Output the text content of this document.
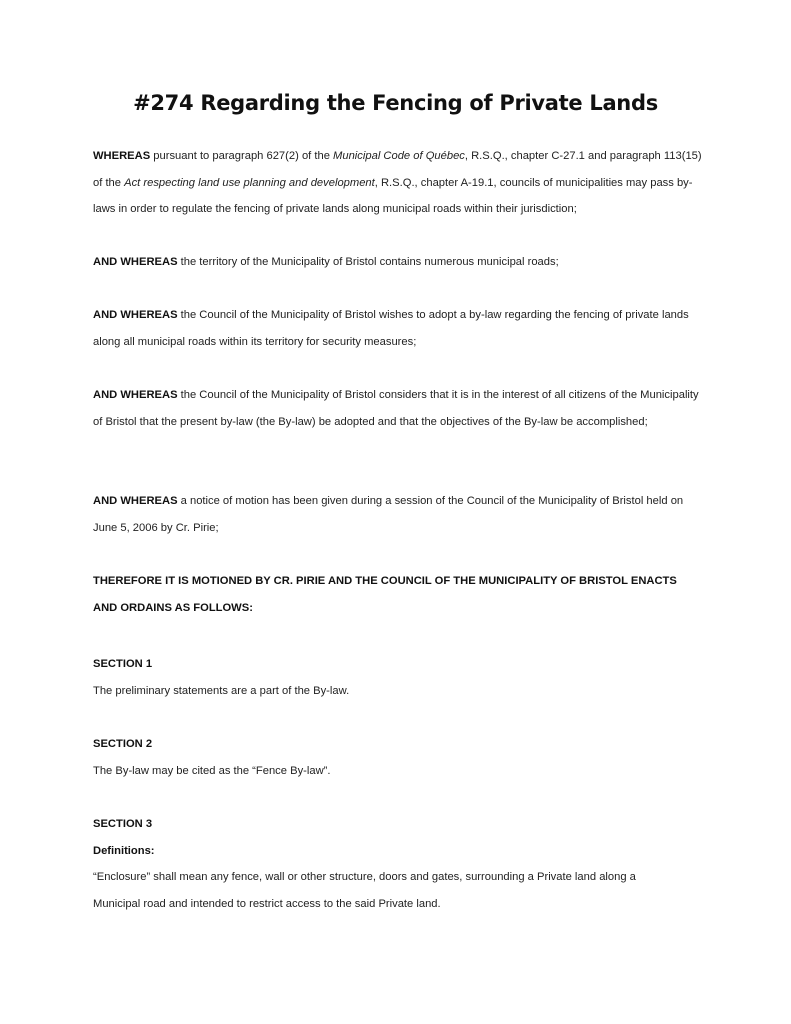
#274 Regarding the Fencing of Private Lands

WHEREAS pursuant to paragraph 627(2) of the Municipal Code of Québec, R.S.Q., chapter C-27.1 and paragraph 113(15) of the Act respecting land use planning and development, R.S.Q., chapter A-19.1, councils of municipalities may pass by-laws in order to regulate the fencing of private lands along municipal roads within their jurisdiction;

AND WHEREAS the territory of the Municipality of Bristol contains numerous municipal roads;

AND WHEREAS the Council of the Municipality of Bristol wishes to adopt a by-law regarding the fencing of private lands along all municipal roads within its territory for security measures;

AND WHEREAS the Council of the Municipality of Bristol considers that it is in the interest of all citizens of the Municipality of Bristol that the present by-law (the By-law) be adopted and that the objectives of the By-law be accomplished;

AND WHEREAS a notice of motion has been given during a session of the Council of the Municipality of Bristol held on June 5, 2006 by Cr. Pirie;

THEREFORE IT IS MOTIONED BY CR. PIRIE AND THE COUNCIL OF THE MUNICIPALITY OF BRISTOL ENACTS AND ORDAINS AS FOLLOWS:

SECTION 1

The preliminary statements are a part of the By-law.

SECTION 2

The By-law may be cited as the “Fence By-law”.

SECTION 3
Definitions:

“Enclosure” shall mean any fence, wall or other structure, doors and gates, surrounding a Private land along a Municipal road and intended to restrict access to the said Private land.
